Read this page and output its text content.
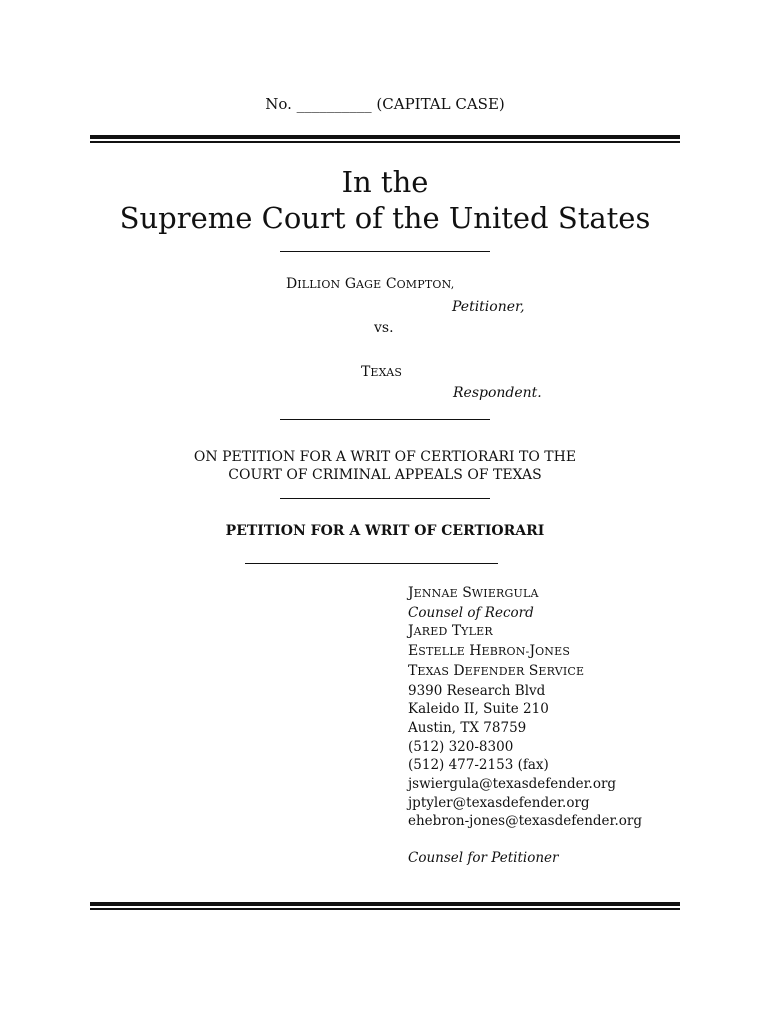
No. __________ (CAPITAL CASE)
In the
Supreme Court of the United States
DILLION GAGE COMPTON,
Petitioner,
vs.
TEXAS
Respondent.
ON PETITION FOR A WRIT OF CERTIORARI TO THE
COURT OF CRIMINAL APPEALS OF TEXAS
PETITION FOR A WRIT OF CERTIORARI
JENNAE SWIERGULA
Counsel of Record
JARED TYLER
ESTELLE HEBRON-JONES
TEXAS DEFENDER SERVICE
9390 Research Blvd
Kaleido II, Suite 210
Austin, TX 78759
(512) 320-8300
(512) 477-2153 (fax)
jswiergula@texasdefender.org
jptyler@texasdefender.org
ehebron-jones@texasdefender.org
Counsel for Petitioner
